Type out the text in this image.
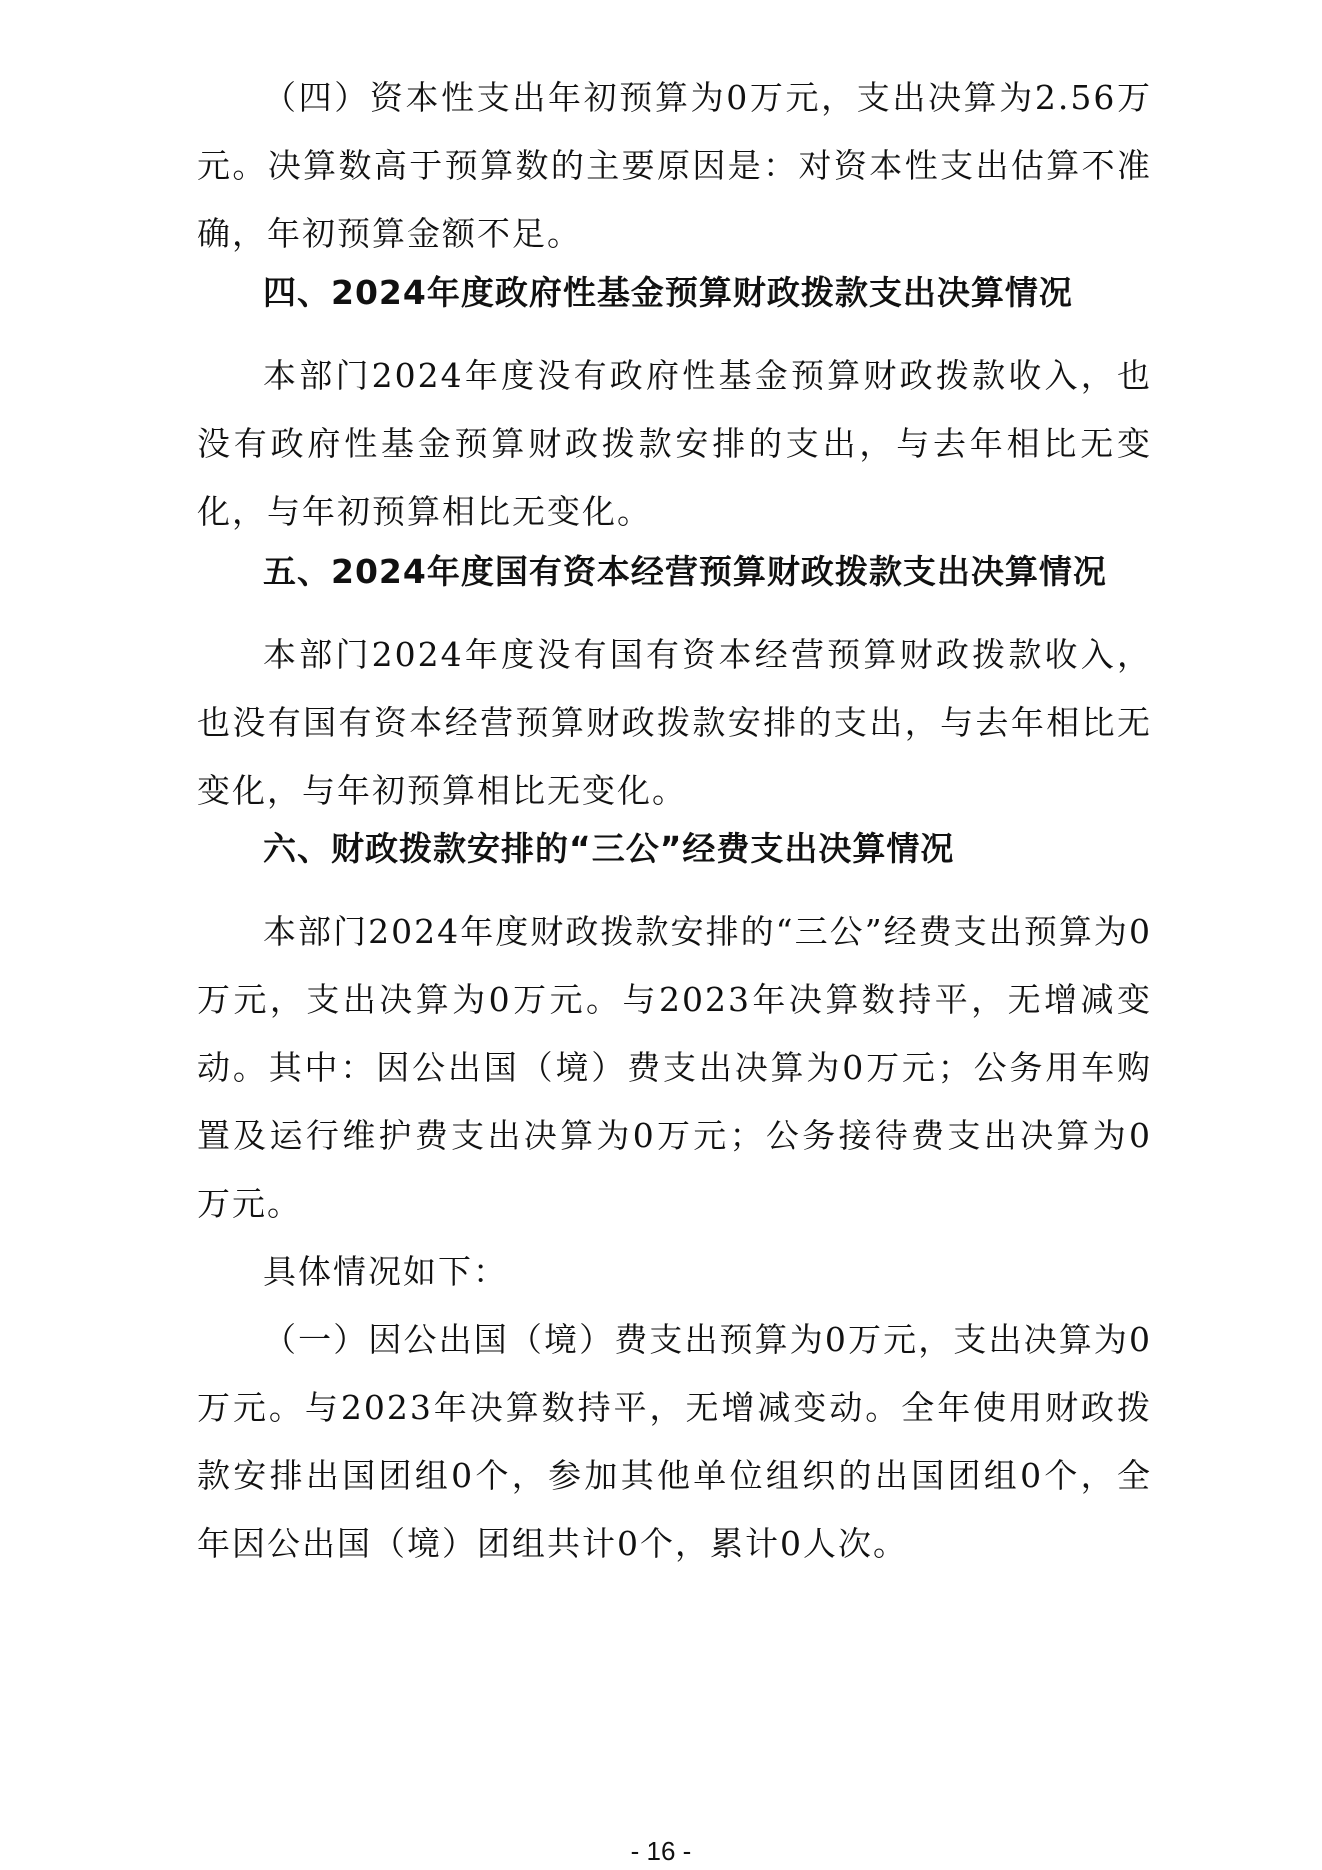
（四）资本性支出年初预算为0万元，支出决算为2.56万元。决算数高于预算数的主要原因是：对资本性支出估算不准确，年初预算金额不足。

四、2024年度政府性基金预算财政拨款支出决算情况

本部门2024年度没有政府性基金预算财政拨款收入，也没有政府性基金预算财政拨款安排的支出，与去年相比无变化，与年初预算相比无变化。

五、2024年度国有资本经营预算财政拨款支出决算情况

本部门2024年度没有国有资本经营预算财政拨款收入，也没有国有资本经营预算财政拨款安排的支出，与去年相比无变化，与年初预算相比无变化。

六、财政拨款安排的“三公”经费支出决算情况

本部门2024年度财政拨款安排的“三公”经费支出预算为0万元，支出决算为0万元。与2023年决算数持平，无增减变动。其中：因公出国（境）费支出决算为0万元；公务用车购置及运行维护费支出决算为0万元；公务接待费支出决算为0万元。

具体情况如下：

（一）因公出国（境）费支出预算为0万元，支出决算为0万元。与2023年决算数持平，无增减变动。全年使用财政拨款安排出国团组0个，参加其他单位组织的出国团组0个，全年因公出国（境）团组共计0个，累计0人次。

- 16 -
